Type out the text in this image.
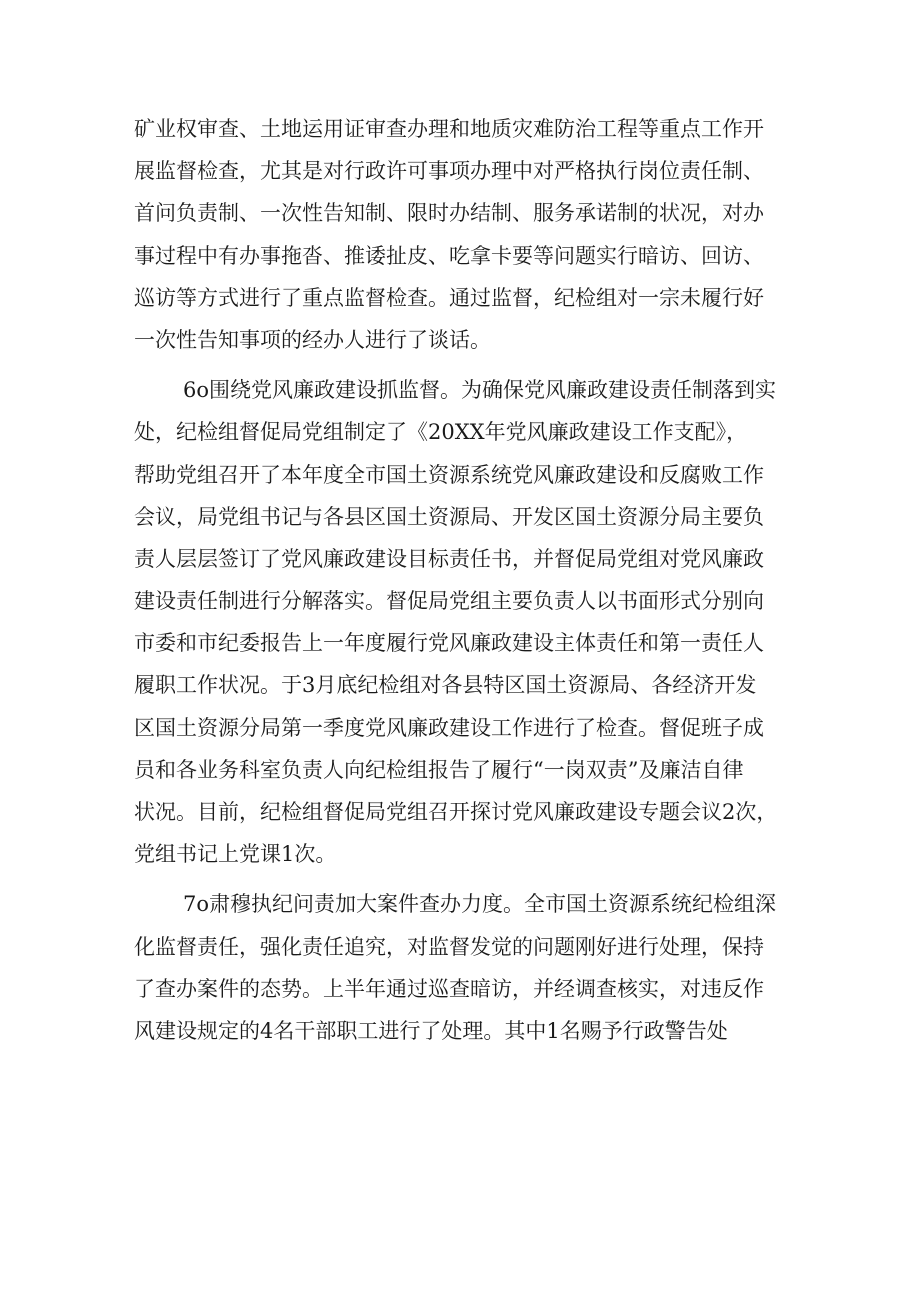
矿业权审查、土地运用证审查办理和地质灾难防治工程等重点工作开
展监督检查，尤其是对行政许可事项办理中对严格执行岗位责任制、
首问负责制、一次性告知制、限时办结制、服务承诺制的状况，对办
事过程中有办事拖沓、推诿扯皮、吃拿卡要等问题实行暗访、回访、
巡访等方式进行了重点监督检查。通过监督，纪检组对一宗未履行好
一次性告知事项的经办人进行了谈话。
6o围绕党风廉政建设抓监督。为确保党风廉政建设责任制落到实
处，纪检组督促局党组制定了《20XX年党风廉政建设工作支配》，
帮助党组召开了本年度全市国土资源系统党风廉政建设和反腐败工作
会议，局党组书记与各县区国土资源局、开发区国土资源分局主要负
责人层层签订了党风廉政建设目标责任书，并督促局党组对党风廉政
建设责任制进行分解落实。督促局党组主要负责人以书面形式分别向
市委和市纪委报告上一年度履行党风廉政建设主体责任和第一责任人
履职工作状况。于3月底纪检组对各县特区国土资源局、各经济开发
区国土资源分局第一季度党风廉政建设工作进行了检查。督促班子成
员和各业务科室负责人向纪检组报告了履行“一岗双责”及廉洁自律
状况。目前，纪检组督促局党组召开探讨党风廉政建设专题会议2次，
党组书记上党课1次。
7o肃穆执纪问责加大案件查办力度。全市国土资源系统纪检组深
化监督责任，强化责任追究，对监督发觉的问题刚好进行处理，保持
了查办案件的态势。上半年通过巡查暗访，并经调查核实，对违反作
风建设规定的4名干部职工进行了处理。其中1名赐予行政警告处
